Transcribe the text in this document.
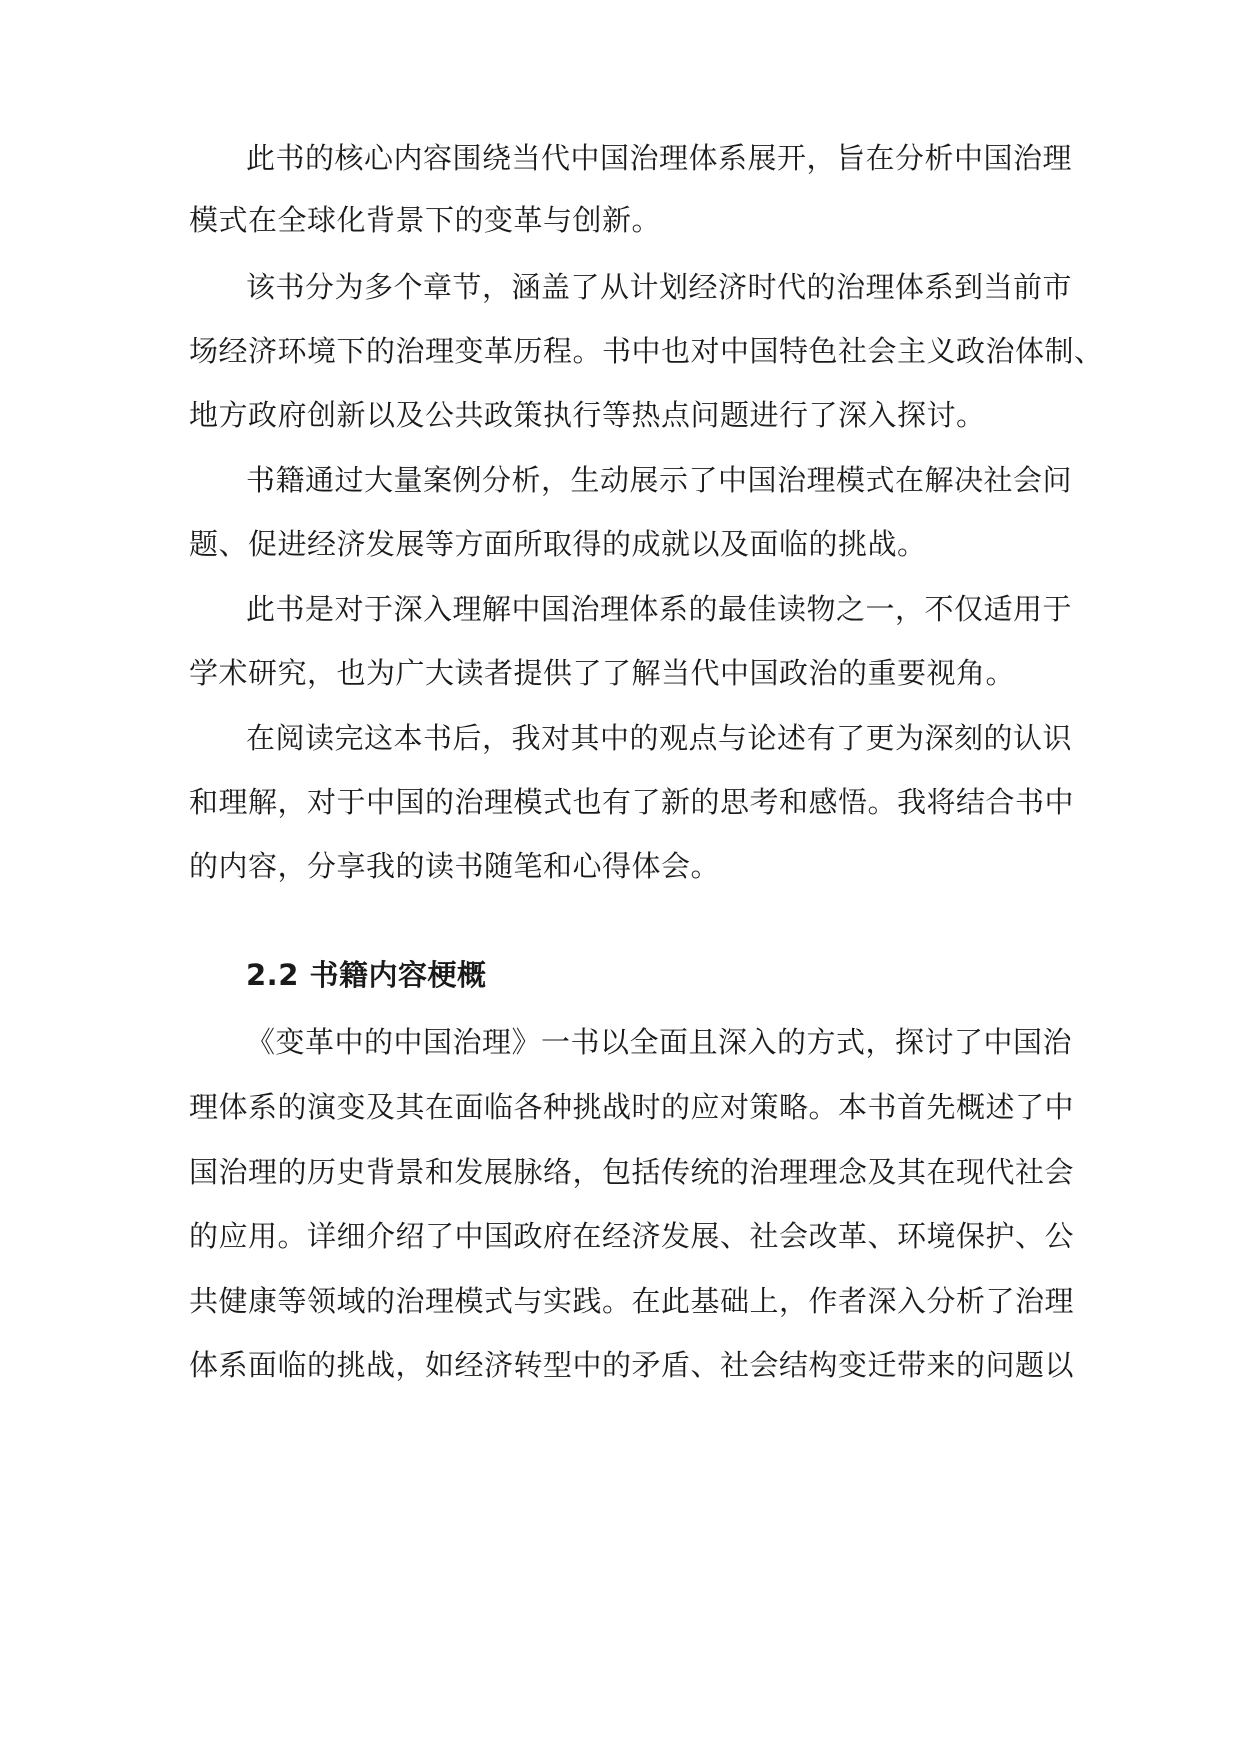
此书的核心内容围绕当代中国治理体系展开，旨在分析中国治理
模式在全球化背景下的变革与创新。
该书分为多个章节，涵盖了从计划经济时代的治理体系到当前市
场经济环境下的治理变革历程。书中也对中国特色社会主义政治体制、
地方政府创新以及公共政策执行等热点问题进行了深入探讨。
书籍通过大量案例分析，生动展示了中国治理模式在解决社会问
题、促进经济发展等方面所取得的成就以及面临的挑战。
此书是对于深入理解中国治理体系的最佳读物之一，不仅适用于
学术研究，也为广大读者提供了了解当代中国政治的重要视角。
在阅读完这本书后，我对其中的观点与论述有了更为深刻的认识
和理解，对于中国的治理模式也有了新的思考和感悟。我将结合书中
的内容，分享我的读书随笔和心得体会。
2.2 书籍内容梗概
《变革中的中国治理》一书以全面且深入的方式，探讨了中国治
理体系的演变及其在面临各种挑战时的应对策略。本书首先概述了中
国治理的历史背景和发展脉络，包括传统的治理理念及其在现代社会
的应用。详细介绍了中国政府在经济发展、社会改革、环境保护、公
共健康等领域的治理模式与实践。在此基础上，作者深入分析了治理
体系面临的挑战，如经济转型中的矛盾、社会结构变迁带来的问题以
